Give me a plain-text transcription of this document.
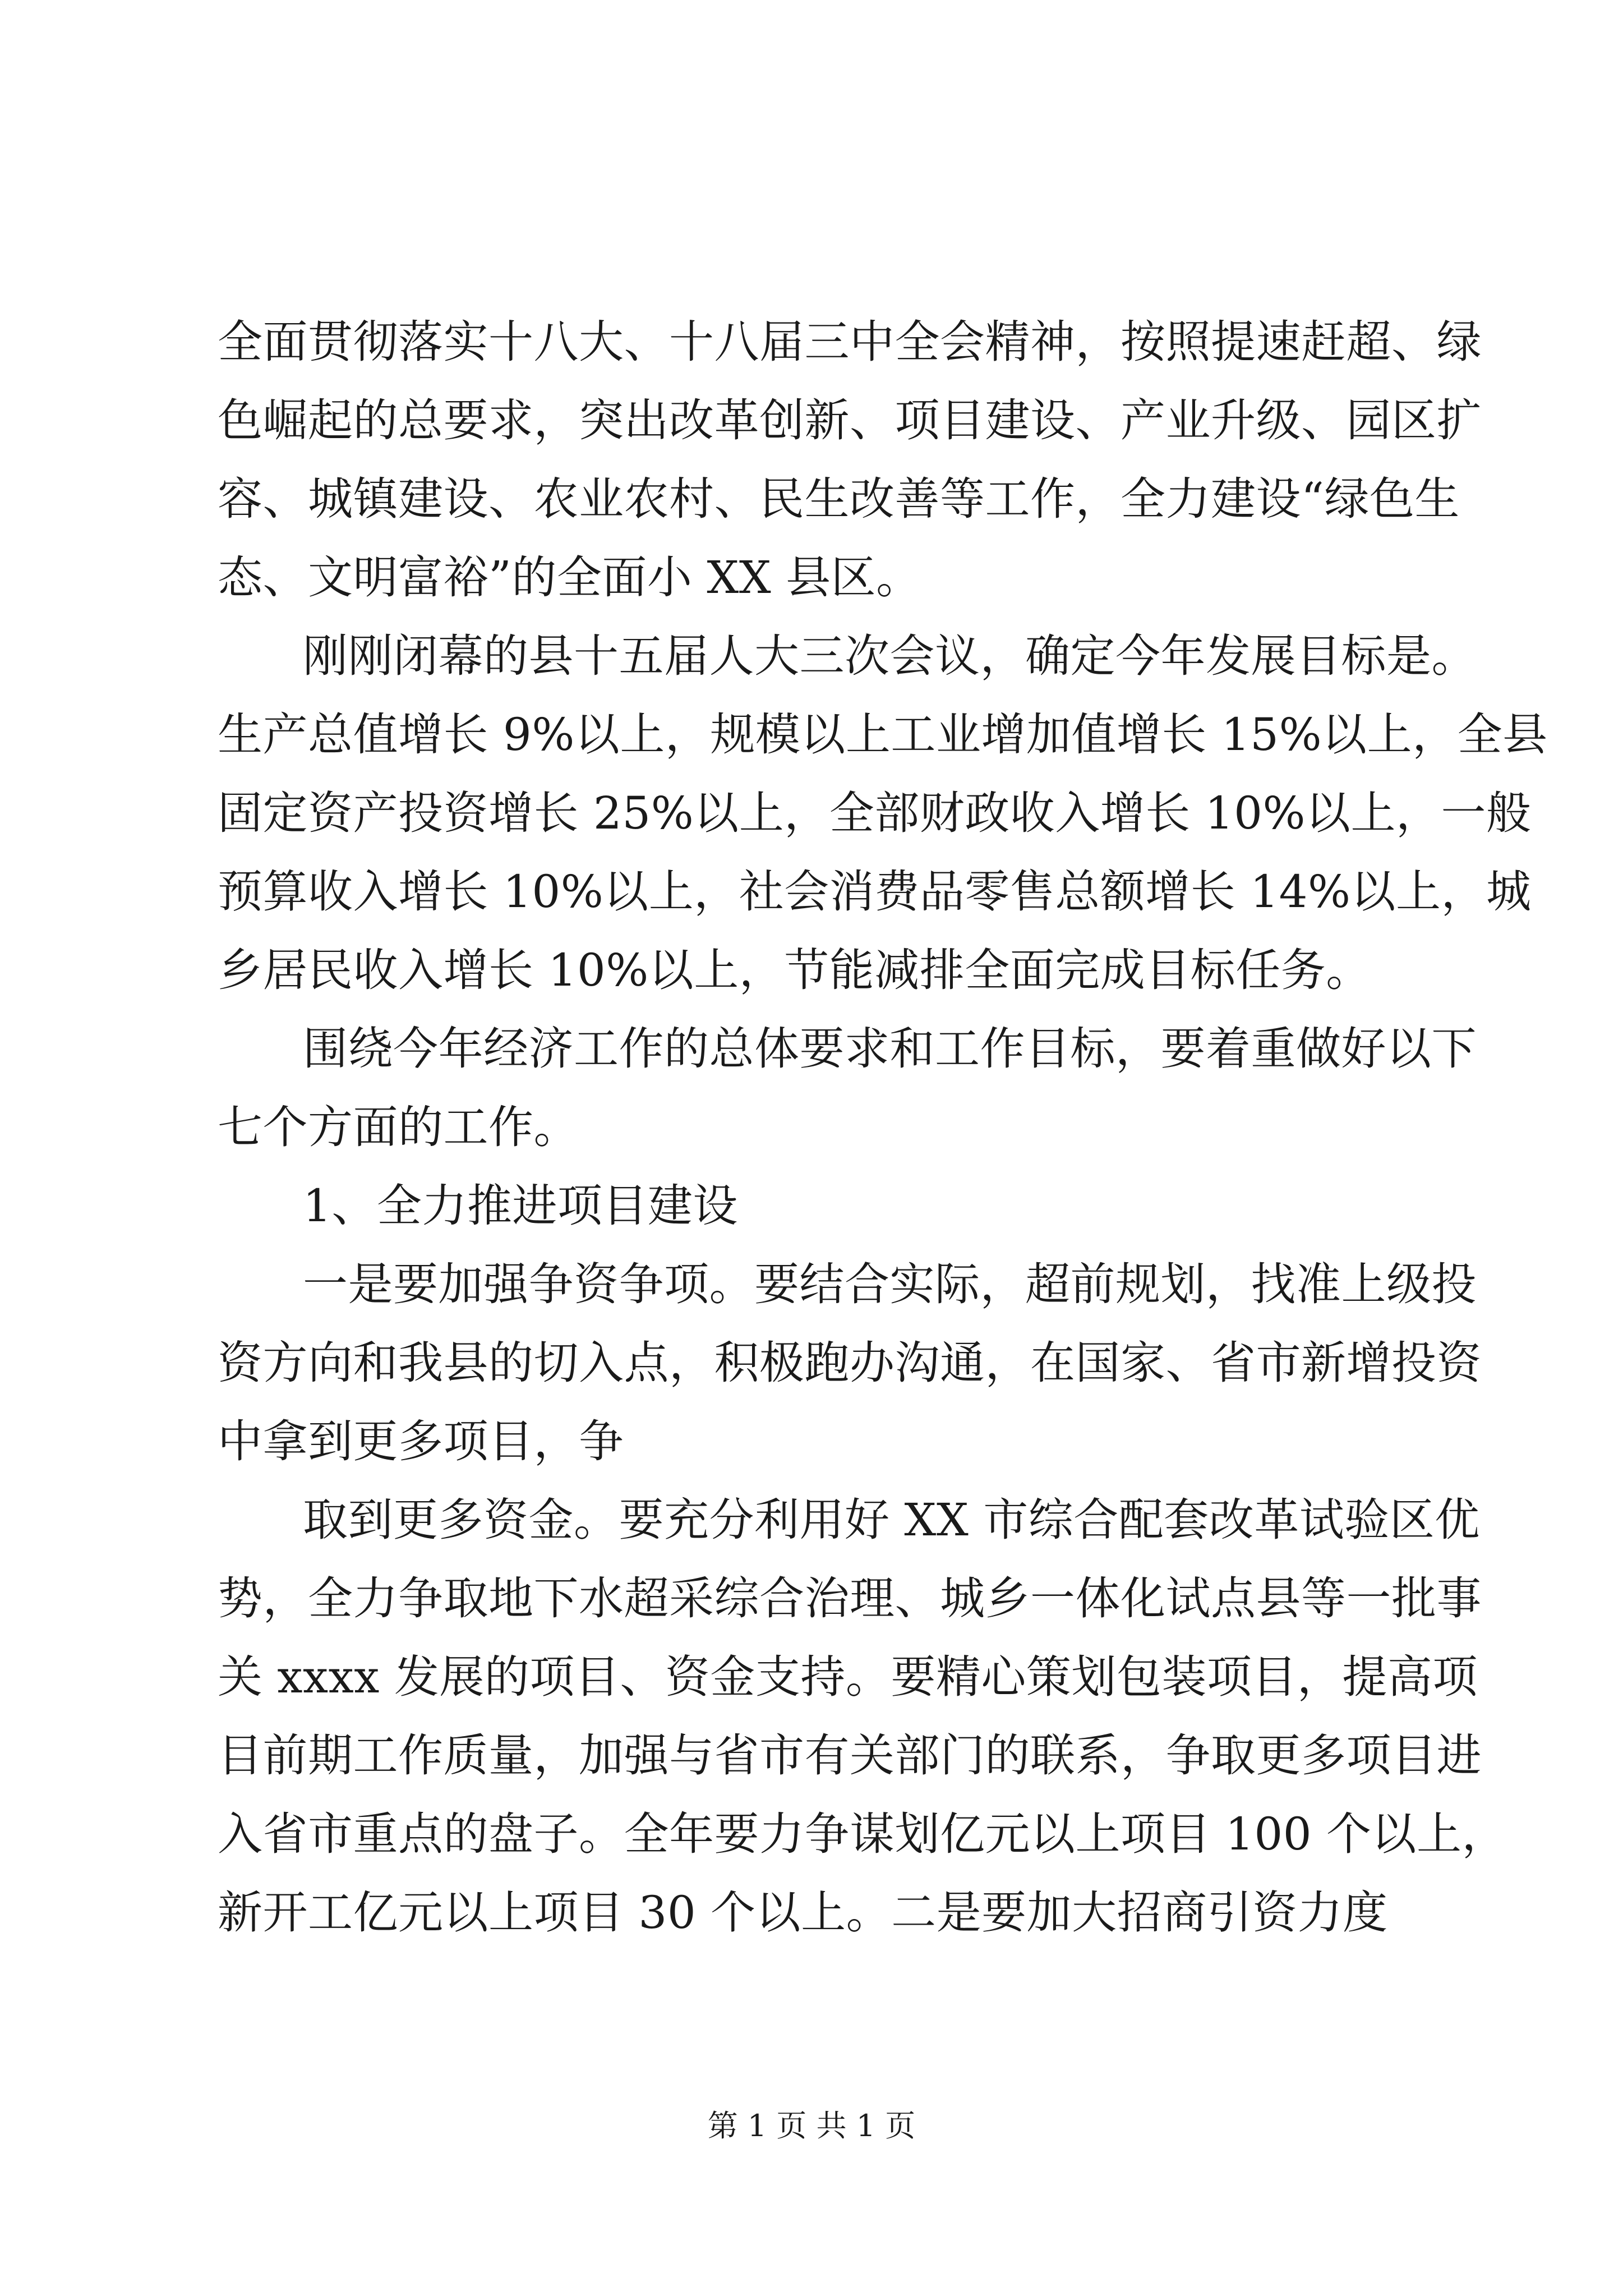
全面贯彻落实十八大、十八届三中全会精神，按照提速赶超、绿
色崛起的总要求，突出改革创新、项目建设、产业升级、园区扩
容、城镇建设、农业农村、民生改善等工作，全力建设“绿色生
态、文明富裕”的全面小 XX 县区。
刚刚闭幕的县十五届人大三次会议，确定今年发展目标是。
生产总值增长 9%以上，规模以上工业增加值增长 15%以上，全县
固定资产投资增长 25%以上，全部财政收入增长 10%以上，一般
预算收入增长 10%以上，社会消费品零售总额增长 14%以上，城
乡居民收入增长 10%以上，节能减排全面完成目标任务。
围绕今年经济工作的总体要求和工作目标，要着重做好以下
七个方面的工作。
1、全力推进项目建设
一是要加强争资争项。要结合实际，超前规划，找准上级投
资方向和我县的切入点，积极跑办沟通，在国家、省市新增投资
中拿到更多项目，争
取到更多资金。要充分利用好 XX 市综合配套改革试验区优
势，全力争取地下水超采综合治理、城乡一体化试点县等一批事
关 xxxx 发展的项目、资金支持。要精心策划包装项目，提高项
目前期工作质量，加强与省市有关部门的联系，争取更多项目进
入省市重点的盘子。全年要力争谋划亿元以上项目 100 个以上，
新开工亿元以上项目 30 个以上。二是要加大招商引资力度
第 1 页 共 1 页
